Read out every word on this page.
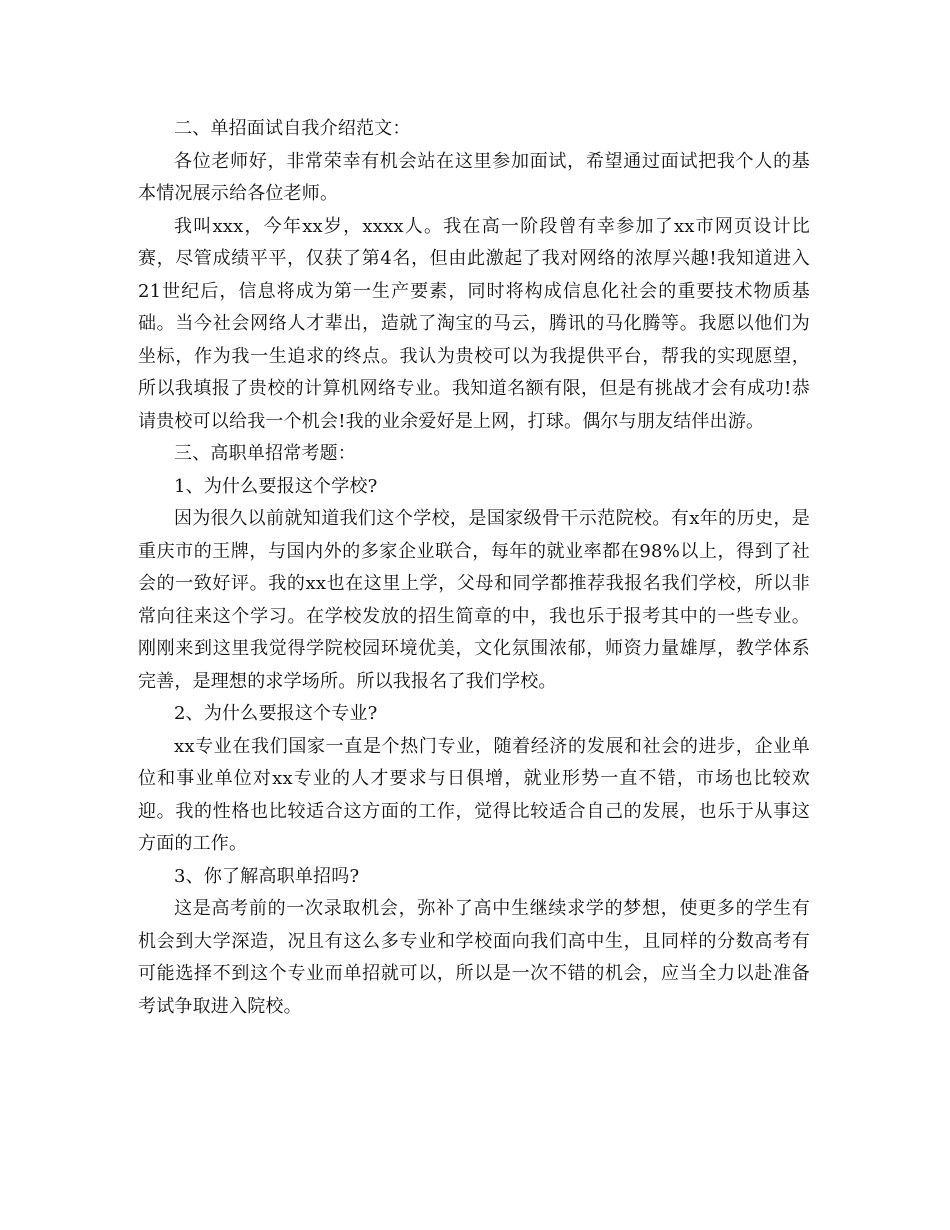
二、单招面试自我介绍范文：

各位老师好，非常荣幸有机会站在这里参加面试，希望通过面试把我个人的基本情况展示给各位老师。

我叫xxx，今年xx岁，xxxx人。我在高一阶段曾有幸参加了xx市网页设计比赛，尽管成绩平平，仅获了第4名，但由此激起了我对网络的浓厚兴趣!我知道进入21世纪后，信息将成为第一生产要素，同时将构成信息化社会的重要技术物质基础。当今社会网络人才辈出，造就了淘宝的马云，腾讯的马化腾等。我愿以他们为坐标，作为我一生追求的终点。我认为贵校可以为我提供平台，帮我的实现愿望，所以我填报了贵校的计算机网络专业。我知道名额有限，但是有挑战才会有成功!恭请贵校可以给我一个机会!我的业余爱好是上网，打球。偶尔与朋友结伴出游。

三、高职单招常考题：

1、为什么要报这个学校?

因为很久以前就知道我们这个学校，是国家级骨干示范院校。有x年的历史，是重庆市的王牌，与国内外的多家企业联合，每年的就业率都在98%以上，得到了社会的一致好评。我的xx也在这里上学，父母和同学都推荐我报名我们学校，所以非常向往来这个学习。在学校发放的招生简章的中，我也乐于报考其中的一些专业。刚刚来到这里我觉得学院校园环境优美，文化氛围浓郁，师资力量雄厚，教学体系完善，是理想的求学场所。所以我报名了我们学校。

2、为什么要报这个专业?

xx专业在我们国家一直是个热门专业，随着经济的发展和社会的进步，企业单位和事业单位对xx专业的人才要求与日俱增，就业形势一直不错，市场也比较欢迎。我的性格也比较适合这方面的工作，觉得比较适合自己的发展，也乐于从事这方面的工作。

3、你了解高职单招吗?

这是高考前的一次录取机会，弥补了高中生继续求学的梦想，使更多的学生有机会到大学深造，况且有这么多专业和学校面向我们高中生，且同样的分数高考有可能选择不到这个专业而单招就可以，所以是一次不错的机会，应当全力以赴准备考试争取进入院校。
